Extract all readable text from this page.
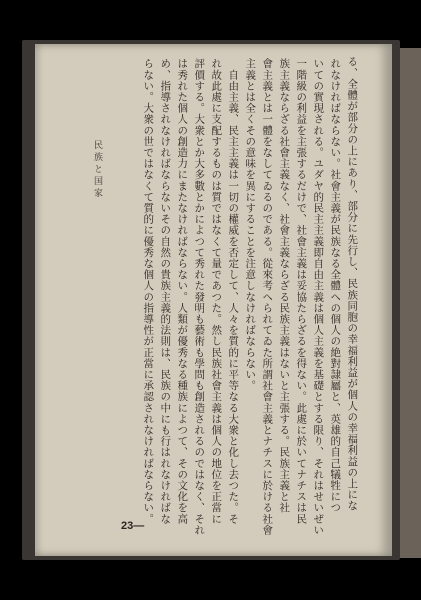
る、全體が部分の上にあり、部分に先行し、民族同胞の幸福利益が個人の幸福利益の上にな
れなければならない。社會主義が民族なる全體への個人の絶對隷屬と、英雄的自己犠牲につ
いての實現される。ユダヤ的民主主義即自由主義は個人主義を基礎とする限り、それはせいぜい
一階級の利益を主張するだけで、社會主義は妥協たらざるを得ない。此處に於いてナチスは民
族主義ならざる社會主義なく、社會主義ならざる民族主義はないと主張する。民族主義と社
會主義とは一體をなしてゐるのである。從來考へられてゐた所謂社會主義とナチスに於ける社會
主義とは全くその意味を異にすることを注意しなければならない。
　自由主義、民主主義は一切の權威を否定して、人々を質的に平等なる大衆と化し去つた。そ
れ故此處に支配するものは質ではなくて量であつた。然し民族社會主義は個人の地位を正當に
評價する。大衆とか大多數とかによつて秀れた發明も藝術も學問も創造されるのではなく、それ
は秀れた個人の創造力にまたなければならない。人類が優秀なる種族によつて、その文化を高
め、指導されなければならないその自然の貴族主義的法則は、民族の中にも行はれなければな
らない。大衆の世ではなくて質的に優秀な個人の指導性が正當に承認されなければならない。
民族と国家
23—
